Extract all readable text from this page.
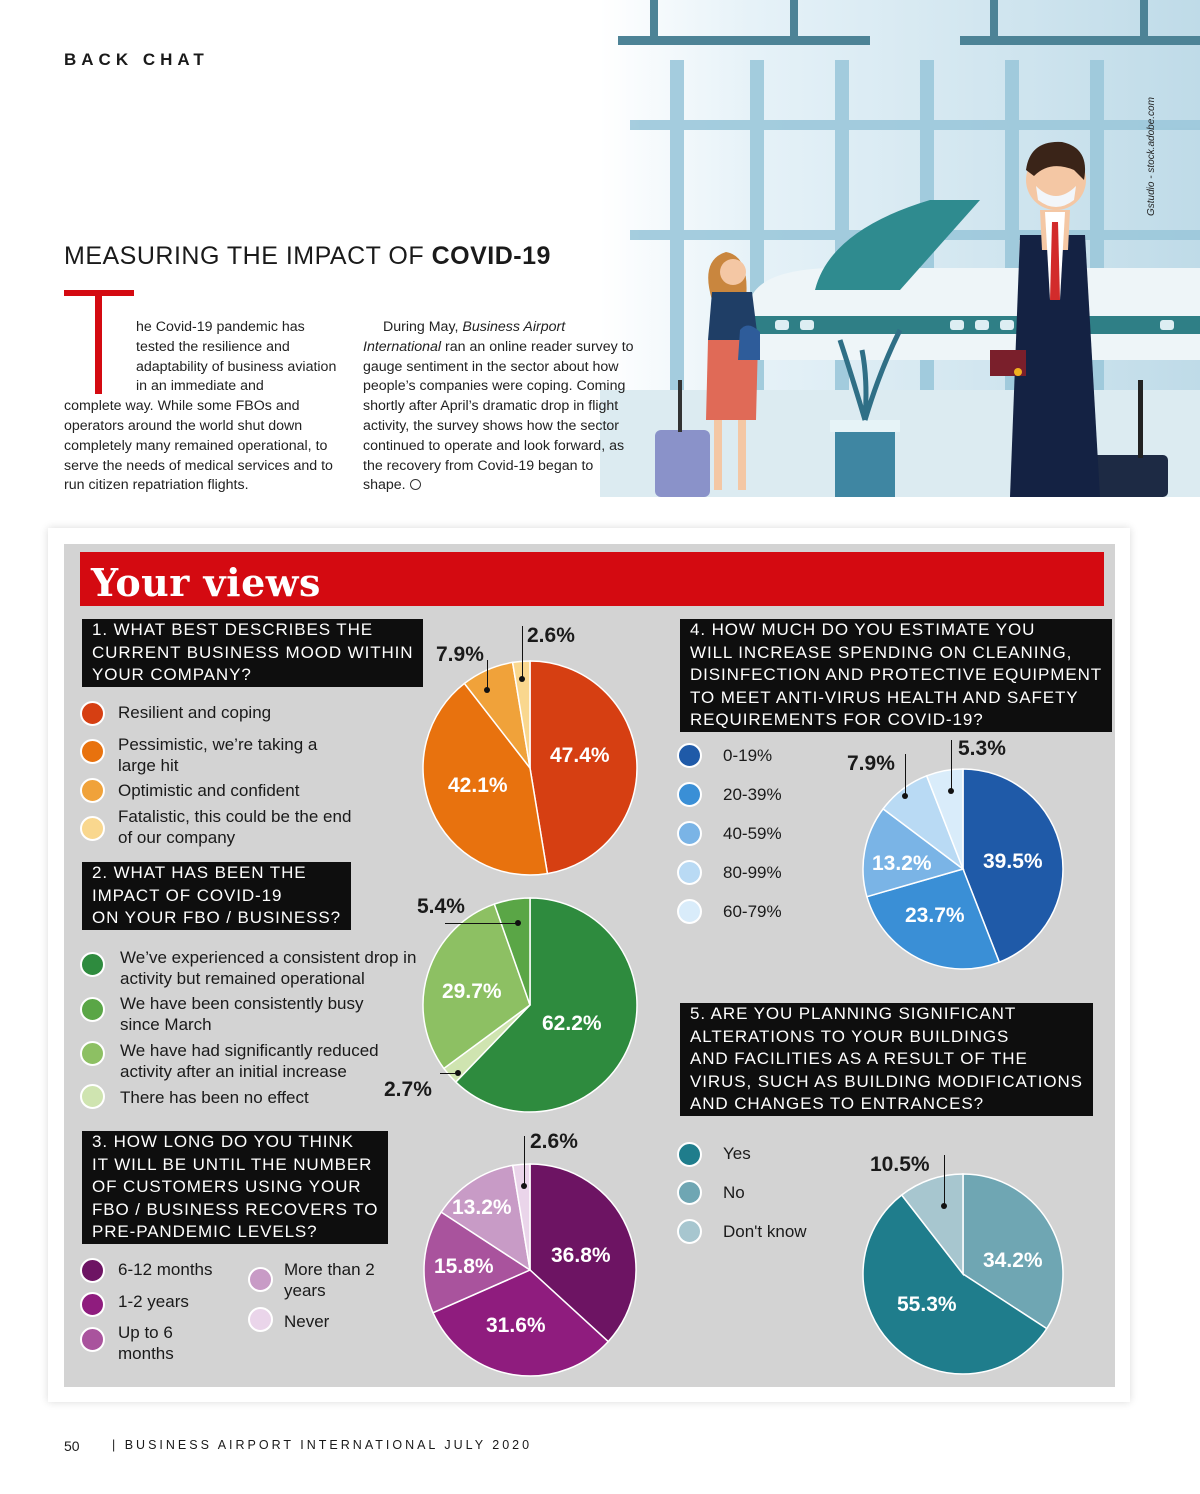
BACK CHAT
Gstudio - stock.adobe.com
MEASURING THE IMPACT OF COVID-19
T
he Covid-19 pandemic has tested the resilience and adaptability of business aviation in an immediate and
complete way. While some FBOs and operators around the world shut down completely many remained operational, to serve the needs of medical services and to run citizen repatriation flights.
During May, Business Airport International ran an online reader survey to gauge sentiment in the sector about how people’s companies were coping. Coming shortly after April’s dramatic drop in flight activity, the survey shows how the sector continued to operate and look forward, as the recovery from Covid-19 began to shape.
Your views
1. WHAT BEST DESCRIBES THE
CURRENT BUSINESS MOOD WITHIN
YOUR COMPANY?
Resilient and coping
Pessimistic, we’re taking a large hit
Optimistic and confident
Fatalistic, this could be the end of our company
2. WHAT HAS BEEN THE
IMPACT OF COVID-19
ON YOUR FBO / BUSINESS?
We’ve experienced a consistent drop in activity but remained operational
We have been consistently busy since March
We have had significantly reduced activity after an initial increase
There has been no effect
3. HOW LONG DO YOU THINK
IT WILL BE UNTIL THE NUMBER
OF CUSTOMERS USING YOUR
FBO / BUSINESS RECOVERS TO
PRE-PANDEMIC LEVELS?
6-12 months
1-2 years
Up to 6 months
More than 2 years
Never
4. HOW MUCH DO YOU ESTIMATE YOU
WILL INCREASE SPENDING ON CLEANING,
DISINFECTION AND PROTECTIVE EQUIPMENT
TO MEET ANTI-VIRUS HEALTH AND SAFETY
REQUIREMENTS FOR COVID-19?
0-19%
20-39%
40-59%
80-99%
60-79%
5. ARE YOU PLANNING SIGNIFICANT
ALTERATIONS TO YOUR BUILDINGS
AND FACILITIES AS A RESULT OF THE
VIRUS, SUCH AS BUILDING MODIFICATIONS
AND CHANGES TO ENTRANCES?
Yes
No
Don't know
47.4%
42.1%
7.9%
2.6%
62.2%
29.7%
5.4%
2.7%
36.8%
31.6%
15.8%
13.2%
2.6%
39.5%
23.7%
13.2%
7.9%
5.3%
55.3%
34.2%
10.5%
50	| BUSINESS AIRPORT INTERNATIONAL JULY 2020
